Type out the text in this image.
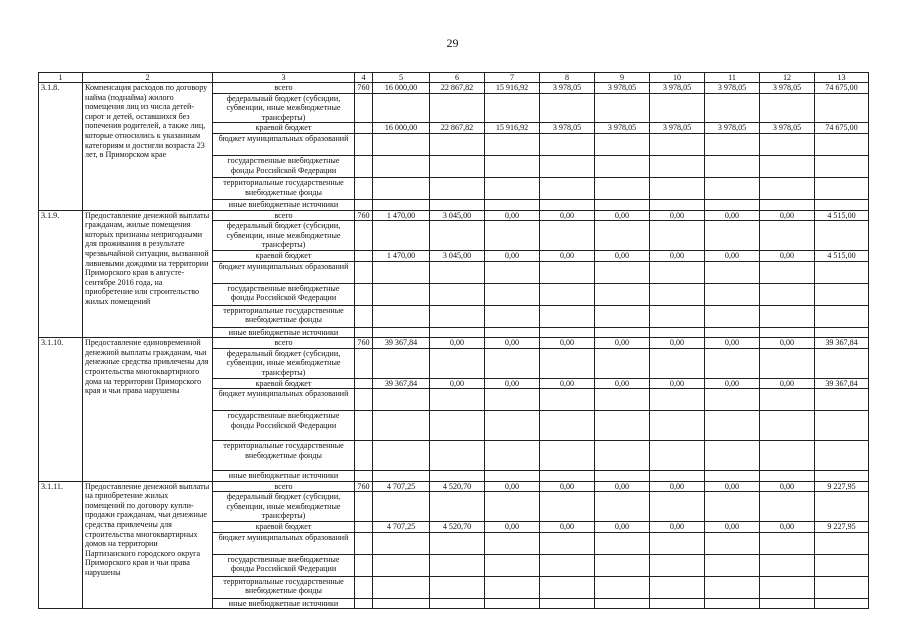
29
1	2	3	4	5	6	7	8	9	10	11	12	13
3.1.8.	Компенсация расходов по договору найма (поднайма) жилого помещения лиц из числа детей-сирот и детей, оставшихся без попечения родителей, а также лиц, которые относились к указанным категориям и достигли возраста 23 лет, в Приморском крае	всего	760	16 000,00	22 867,82	15 916,92	3 978,05	3 978,05	3 978,05	3 978,05	3 978,05	74 675,00
		федеральный бюджет (субсидии, субвенции, иные межбюджетные трансферты)										
		краевой бюджет		16 000,00	22 867,82	15 916,92	3 978,05	3 978,05	3 978,05	3 978,05	3 978,05	74 675,00
		бюджет муниципальных образований										
		государственные внебюджетные фонды Российской Федерации										
		территориальные государственные внебюджетные фонды										
		иные внебюджетные источники										
3.1.9.	Предоставление денежной выплаты гражданам, жилые помещения которых признаны непригодными для проживания в результате чрезвычайной ситуации, вызванной ливневыми дождями на территории Приморского края в августе-сентябре 2016 года, на приобретение или строительство жилых помещений	всего	760	1 470,00	3 045,00	0,00	0,00	0,00	0,00	0,00	0,00	4 515,00
		федеральный бюджет (субсидии, субвенции, иные межбюджетные трансферты)										
		краевой бюджет		1 470,00	3 045,00	0,00	0,00	0,00	0,00	0,00	0,00	4 515,00
		бюджет муниципальных образований										
		государственные внебюджетные фонды Российской Федерации										
		территориальные государственные внебюджетные фонды										
		иные внебюджетные источники										
3.1.10.	Предоставление единовременной денежной выплаты гражданам, чьи денежные средства привлечены для строительства многоквартирного дома на территории Приморского края и чьи права нарушены	всего	760	39 367,84	0,00	0,00	0,00	0,00	0,00	0,00	0,00	39 367,84
		федеральный бюджет (субсидии, субвенции, иные межбюджетные трансферты)										
		краевой бюджет		39 367,84	0,00	0,00	0,00	0,00	0,00	0,00	0,00	39 367,84
		бюджет муниципальных образований										
		государственные внебюджетные фонды Российской Федерации										
		территориальные государственные внебюджетные фонды										
		иные внебюджетные источники										
3.1.11.	Предоставление денежной выплаты на приобретение жилых помещений по договору купли-продажи гражданам, чьи денежные средства привлечены для строительства многоквартирных домов на территории Партизанского городского округа Приморского края и чьи права нарушены	всего	760	4 707,25	4 520,70	0,00	0,00	0,00	0,00	0,00	0,00	9 227,95
		федеральный бюджет (субсидии, субвенции, иные межбюджетные трансферты)										
		краевой бюджет		4 707,25	4 520,70	0,00	0,00	0,00	0,00	0,00	0,00	9 227,95
		бюджет муниципальных образований										
		государственные внебюджетные фонды Российской Федерации										
		территориальные государственные внебюджетные фонды										
		иные внебюджетные источники										
